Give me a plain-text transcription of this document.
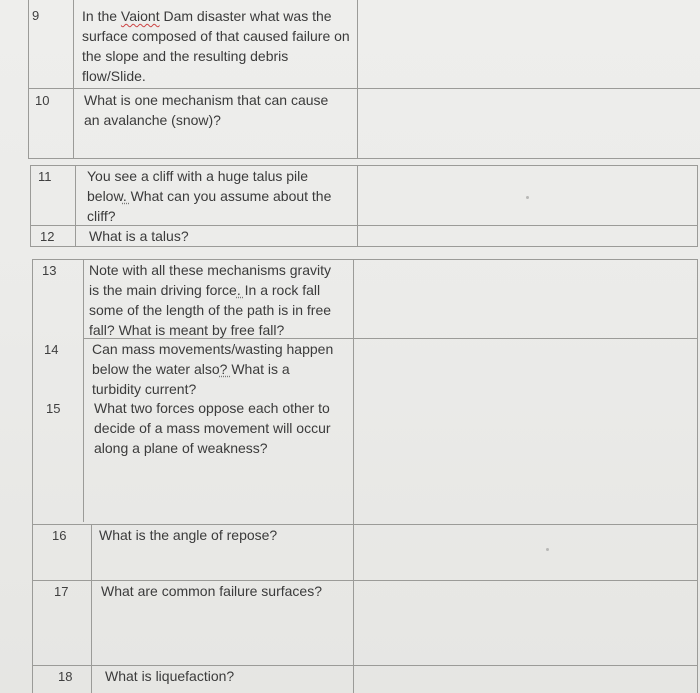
9	In the Vaiont Dam disaster what was the surface composed of that caused failure on the slope and the resulting debris flow/Slide.
10 What is one mechanism that can cause an avalanche (snow)?
11	You see a cliff with a huge talus pile
below. What can you assume about the
cliff?
12 What is a talus?
13 Note with all these mechanisms gravity
is the main driving force. In a rock fall
some of the length of the path is in free fall? What is meant by free fall?
14 Can mass movements/wasting happen
below the water also? What is a
turbidity current?
15 What two forces oppose each other to decide of a mass movement will occur along a plane of weakness?
16 What is the angle of repose?
17 What are common failure surfaces?
18 What is liquefaction?
